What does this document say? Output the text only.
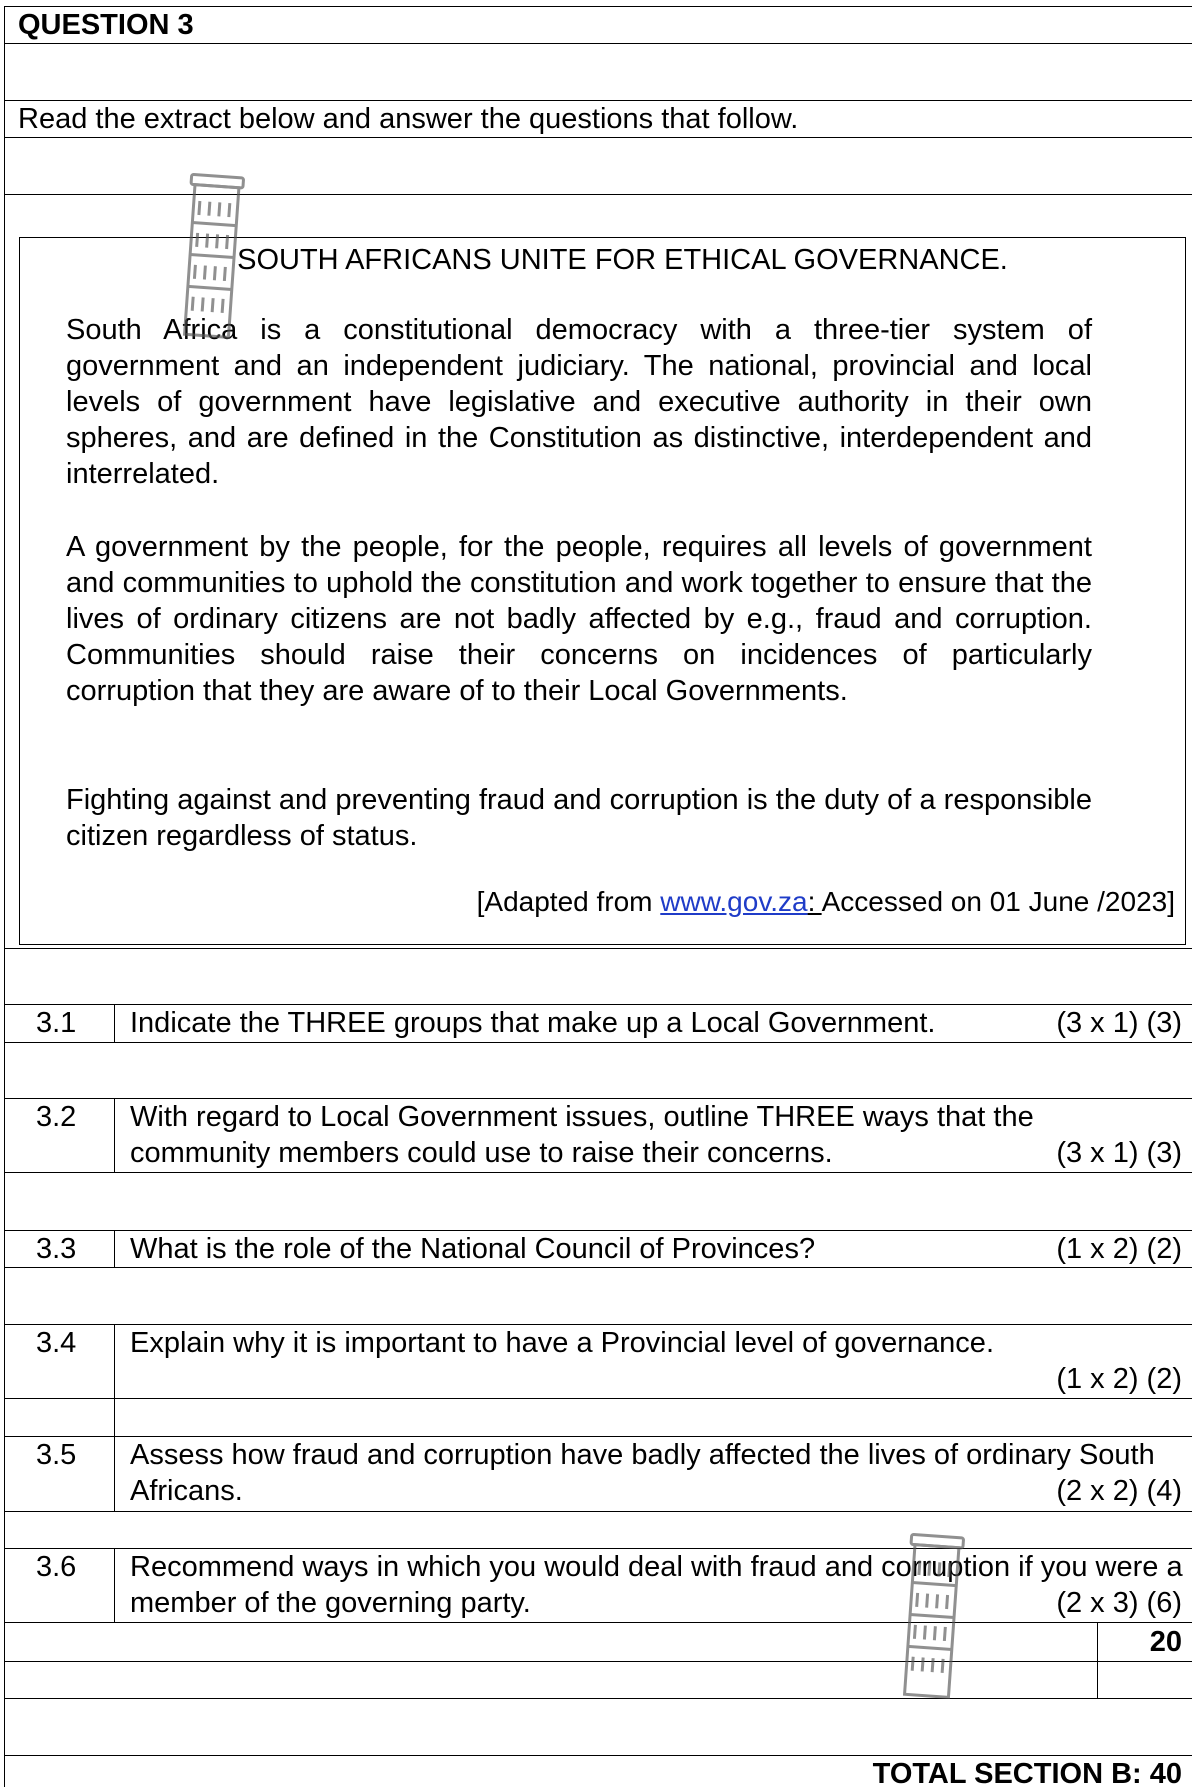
QUESTION 3
Read the extract below and answer the questions that follow.
SOUTH AFRICANS UNITE FOR ETHICAL GOVERNANCE.
South Africa is a constitutional democracy with a three-tier system of government and an independent judiciary. The national, provincial and local levels of government have legislative and executive authority in their own spheres, and are defined in the Constitution as distinctive, interdependent and interrelated.
A government by the people, for the people, requires all levels of government and communities to uphold the constitution and work together to ensure that the lives of ordinary citizens are not badly affected by e.g., fraud and corruption. Communities should raise their concerns on incidences of particularly corruption that they are aware of to their Local Governments.
Fighting against and preventing fraud and corruption is the duty of a responsible citizen regardless of status.
[Adapted from www.gov.za: Accessed on 01 June /2023]
3.1	Indicate the THREE groups that make up a Local Government.	(3 x 1) (3)
3.2	With regard to Local Government issues, outline THREE ways that the community members could use to raise their concerns.	(3 x 1) (3)
3.3	What is the role of the National Council of Provinces?	(1 x 2) (2)
3.4	Explain why it is important to have a Provincial level of governance.
(1 x 2) (2)
3.5	Assess how fraud and corruption have badly affected the lives of ordinary South Africans.	(2 x 2) (4)
3.6	Recommend ways in which you would deal with fraud and corruption if you were a member of the governing party.	(2 x 3) (6)
20
TOTAL SECTION B: 40
